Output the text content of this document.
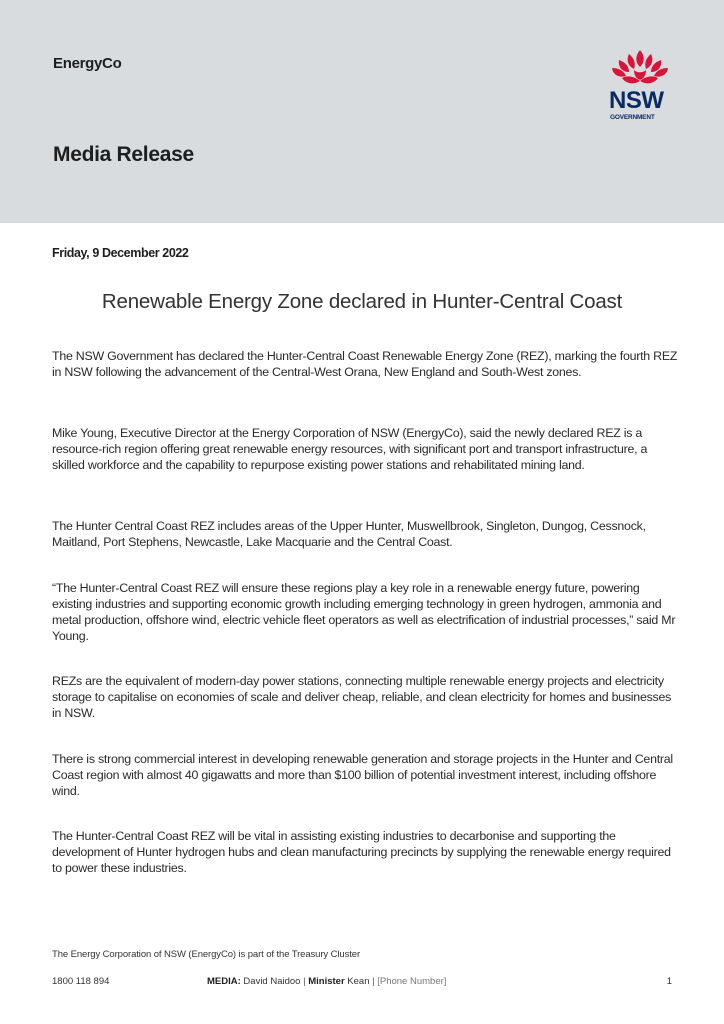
EnergyCo
Media Release
NSW
GOVERNMENT
Friday, 9 December 2022
Renewable Energy Zone declared in Hunter-Central Coast

The NSW Government has declared the Hunter-Central Coast Renewable Energy Zone (REZ), marking the fourth REZ in NSW following the advancement of the Central-West Orana, New England and South-West zones.

Mike Young, Executive Director at the Energy Corporation of NSW (EnergyCo), said the newly declared REZ is a resource-rich region offering great renewable energy resources, with significant port and transport infrastructure, a skilled workforce and the capability to repurpose existing power stations and rehabilitated mining land.

The Hunter Central Coast REZ includes areas of the Upper Hunter, Muswellbrook, Singleton, Dungog, Cessnock, Maitland, Port Stephens, Newcastle, Lake Macquarie and the Central Coast.

“The Hunter-Central Coast REZ will ensure these regions play a key role in a renewable energy future, powering existing industries and supporting economic growth including emerging technology in green hydrogen, ammonia and metal production, offshore wind, electric vehicle fleet operators as well as electrification of industrial processes,” said Mr Young.

REZs are the equivalent of modern-day power stations, connecting multiple renewable energy projects and electricity storage to capitalise on economies of scale and deliver cheap, reliable, and clean electricity for homes and businesses in NSW.

There is strong commercial interest in developing renewable generation and storage projects in the Hunter and Central Coast region with almost 40 gigawatts and more than $100 billion of potential investment interest, including offshore wind.

The Hunter-Central Coast REZ will be vital in assisting existing industries to decarbonise and supporting the development of Hunter hydrogen hubs and clean manufacturing precincts by supplying the renewable energy required to power these industries.

The Energy Corporation of NSW (EnergyCo) is part of the Treasury Cluster
1800 118 894	MEDIA: David Naidoo | Minister Kean | [Phone Number]	1
